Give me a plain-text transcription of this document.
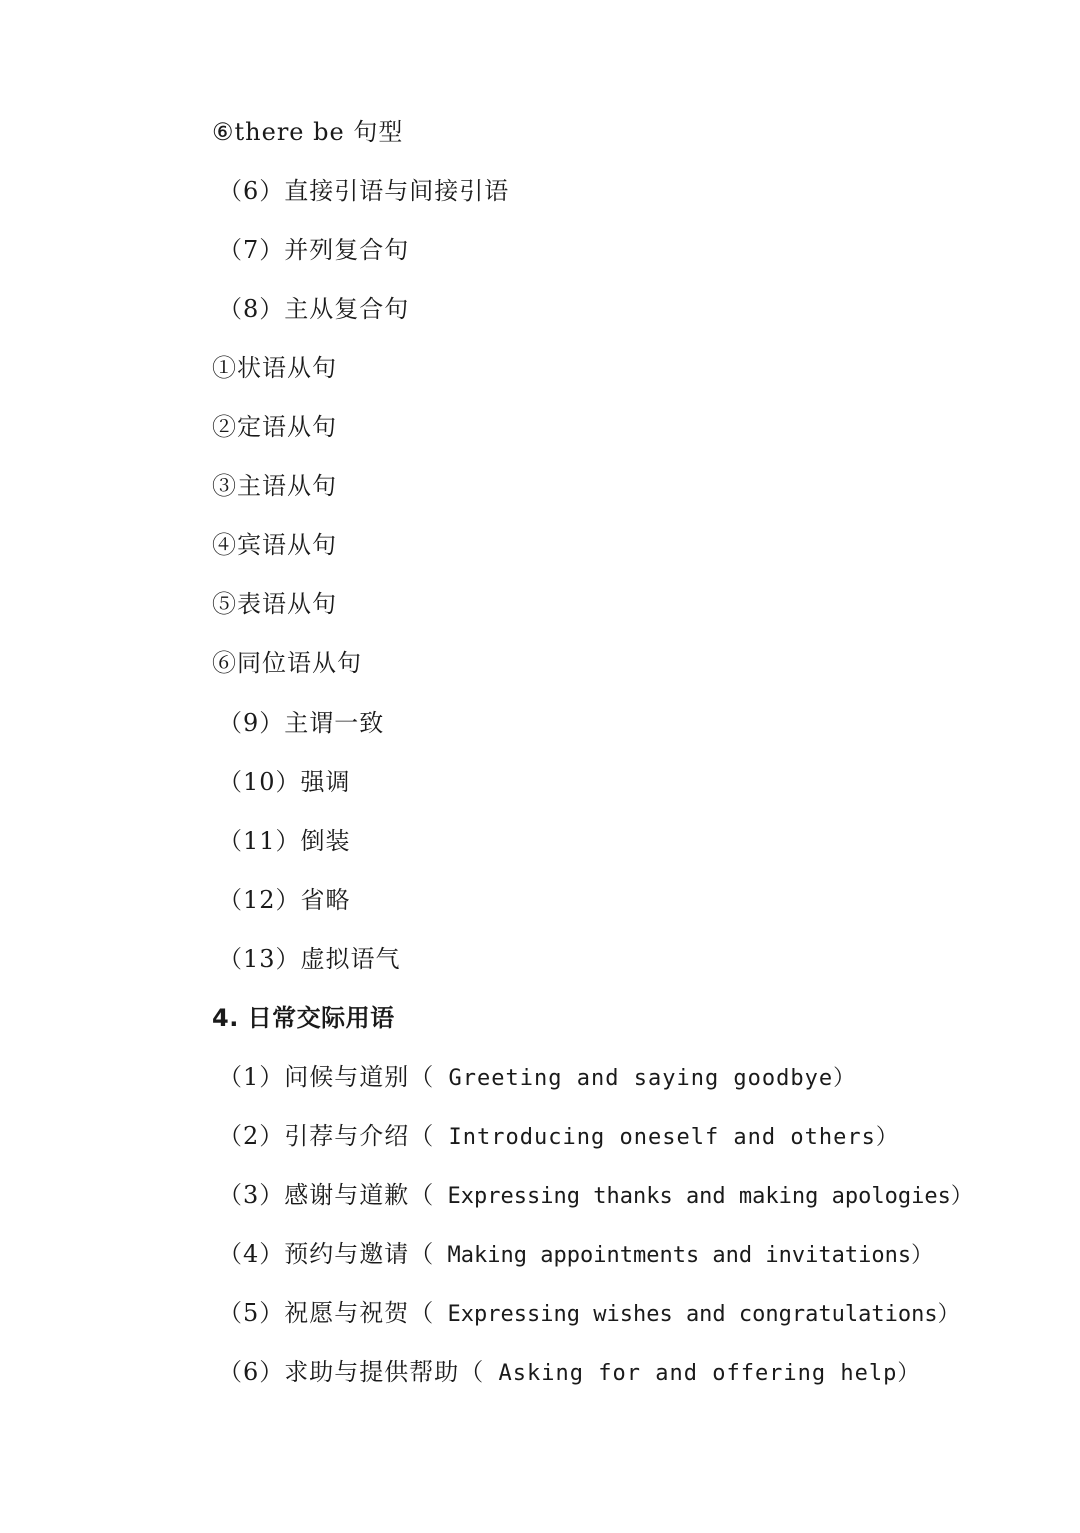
⑥there be 句型
（6）直接引语与间接引语
（7）并列复合句
（8）主从复合句
①状语从句
②定语从句
③主语从句
④宾语从句
⑤表语从句
⑥同位语从句
（9）主谓一致
（10）强调
（11）倒装
（12）省略
（13）虚拟语气
4. 日常交际用语
（1）问候与道别（ Greeting and saying goodbye）
（2）引荐与介绍（ Introducing oneself and others）
（3）感谢与道歉（ Expressing thanks and making apologies）
（4）预约与邀请（ Making appointments and invitations）
（5）祝愿与祝贺（ Expressing wishes and congratulations）
（6）求助与提供帮助（ Asking for and offering help）
